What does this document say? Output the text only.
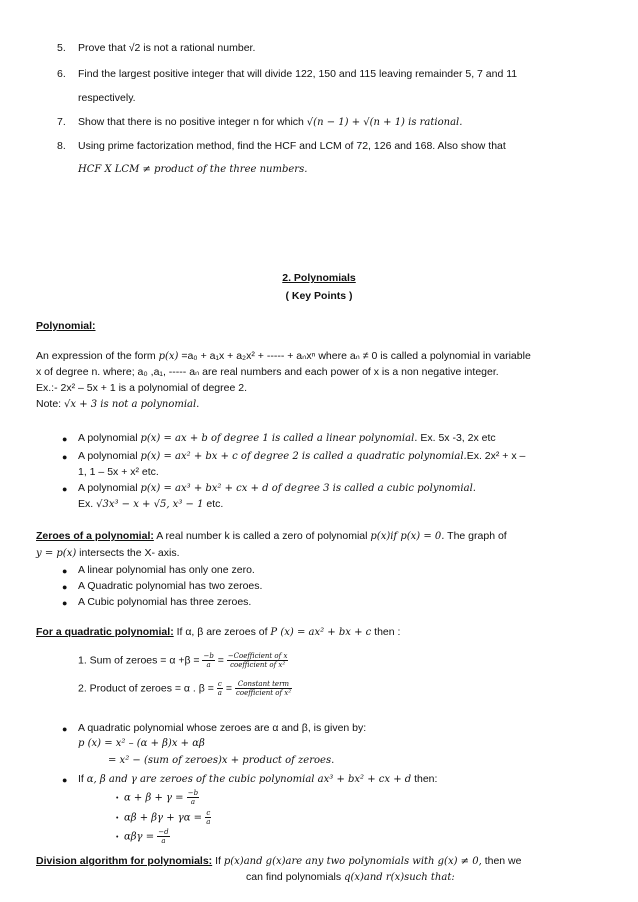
5. Prove that √2 is not a rational number.
6. Find the largest positive integer that will divide 122, 150 and 115 leaving remainder 5, 7 and 11
respectively.
7. Show that there is no positive integer n for which √(n − 1) + √(n + 1) is rational.
8. Using prime factorization method, find the HCF and LCM of 72, 126 and 168. Also show that
HCF X LCM ≠ product of the three numbers.
2. Polynomials
( Key Points )
Polynomial:
An expression of the form p(x) =a₀ + a₁x + a₂x² + ----- + aₙxⁿ where aₙ ≠ 0 is called a polynomial in variable
x of degree n. where; a₀ ,a₁, ----- aₙ are real numbers and each power of x is a non negative integer.
Ex.:- 2x² – 5x + 1 is a polynomial of degree 2.
Note: √x + 3 is not a polynomial.
● A polynomial p(x) = ax + b of degree 1 is called a linear polynomial. Ex. 5x -3, 2x etc
● A polynomial p(x) = ax² + bx + c of degree 2 is called a quadratic polynomial.Ex. 2x² + x –
1, 1 – 5x + x² etc.
● A polynomial p(x) = ax³ + bx² + cx + d of degree 3 is called a cubic polynomial.
Ex. √3x³ − x + √5, x³ − 1 etc.
Zeroes of a polynomial: A real number k is called a zero of polynomial p(x)if p(x) = 0. The graph of
y = p(x) intersects the X- axis.
● A linear polynomial has only one zero.
● A Quadratic polynomial has two zeroes.
● A Cubic polynomial has three zeroes.
For a quadratic polynomial: If α, β are zeroes of P (x) = ax² + bx + c then :
1. Sum of zeroes = $\alpha +\beta = \frac{-b}{a} = \frac{\text{−Coefficient of x}}{\text{coefficient of x²}}$
2. Product of zeroes = α . $\beta = \frac{c}{a} = \frac{\text{Constant term}}{\text{coefficient of x²}}$
● A quadratic polynomial whose zeroes are α and β, is given by:
p (x) = x² – (α + β)x + αβ
= x² − (sum of zeroes)x + product of zeroes.
● If α, β and γ are zeroes of the cubic polynomial ax³ + bx² + cx + d then:
• $\alpha + \beta + \gamma = \frac{-b}{a}$
• $\alpha\beta + \beta\gamma + \gamma\alpha = \frac{c}{a}$
• $\alpha\beta\gamma = \frac{-d}{a}$
Division algorithm for polynomials: If p(x)and g(x)are any two polynomials with g(x) ≠ 0, then we
can find polynomials q(x)and r(x)such that:
